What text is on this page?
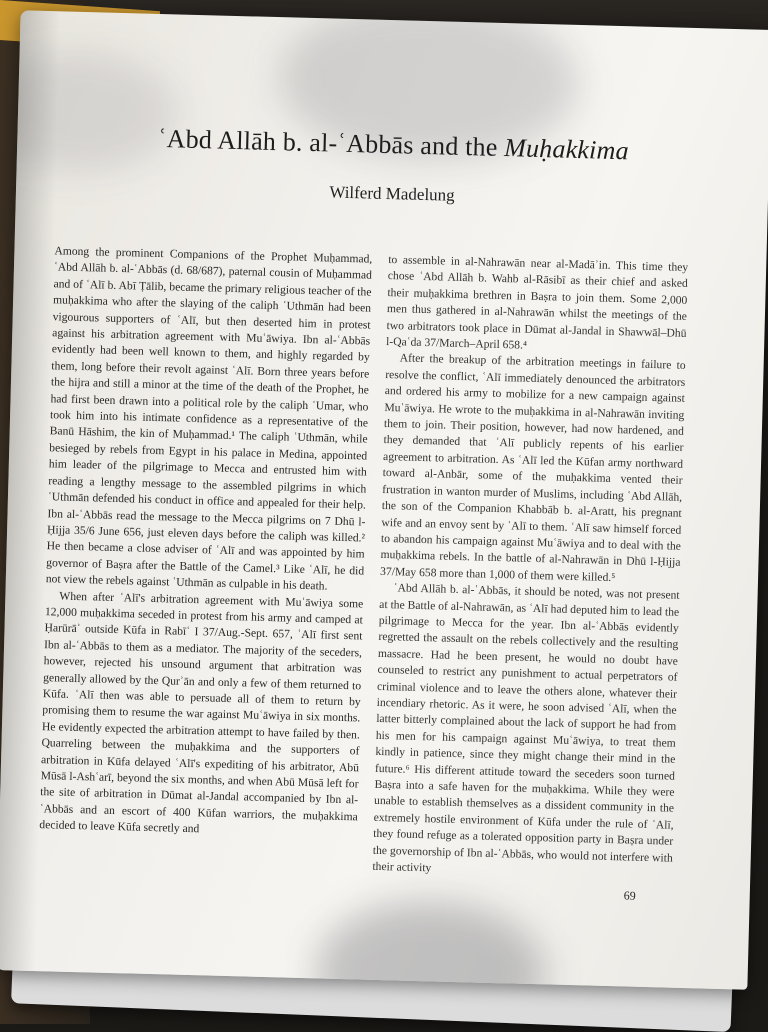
ʿAbd Allāh b. al-ʿAbbās and the Muḥakkima
Wilferd Madelung

Among the prominent Companions of the Prophet Muḥammad, ʿAbd Allāh b. al-ʿAbbās (d. 68/687), paternal cousin of Muḥammad and of ʿAlī b. Abī Ṭālib, became the primary religious teacher of the muḥakkima who after the slaying of the caliph ʿUthmān had been vigourous supporters of ʿAlī, but then deserted him in protest against his arbitration agreement with Muʿāwiya. Ibn al-ʿAbbās evidently had been well known to them, and highly regarded by them, long before their revolt against ʿAlī. Born three years before the hijra and still a minor at the time of the death of the Prophet, he had first been drawn into a political role by the caliph ʿUmar, who took him into his intimate confidence as a representative of the Banū Hāshim, the kin of Muḥammad.¹ The caliph ʿUthmān, while besieged by rebels from Egypt in his palace in Medina, appointed him leader of the pilgrimage to Mecca and entrusted him with reading a lengthy message to the assembled pilgrims in which ʿUthmān defended his conduct in office and appealed for their help. Ibn al-ʿAbbās read the message to the Mecca pilgrims on 7 Dhū l-Ḥijja 35/6 June 656, just eleven days before the caliph was killed.² He then became a close adviser of ʿAlī and was appointed by him governor of Baṣra after the Battle of the Camel.³ Like ʿAlī, he did not view the rebels against ʿUthmān as culpable in his death.

When after ʿAlī's arbitration agreement with Muʿāwiya some 12,000 muḥakkima seceded in protest from his army and camped at Ḥarūrāʾ outside Kūfa in Rabīʿ I 37/Aug.-Sept. 657, ʿAlī first sent Ibn al-ʿAbbās to them as a mediator. The majority of the seceders, however, rejected his unsound argument that arbitration was generally allowed by the Qurʾān and only a few of them returned to Kūfa. ʿAlī then was able to persuade all of them to return by promising them to resume the war against Muʿāwiya in six months. He evidently expected the arbitration attempt to have failed by then. Quarreling between the muḥakkima and the supporters of arbitration in Kūfa delayed ʿAlī's expediting of his arbitrator, Abū Mūsā l-Ashʿarī, beyond the six months, and when Abū Mūsā left for the site of arbitration in Dūmat al-Jandal accompanied by Ibn al-ʿAbbās and an escort of 400 Kūfan warriors, the muḥakkima decided to leave Kūfa secretly and

to assemble in al-Nahrawān near al-Madāʾin. This time they chose ʿAbd Allāh b. Wahb al-Rāsibī as their chief and asked their muḥakkima brethren in Baṣra to join them. Some 2,000 men thus gathered in al-Nahrawān whilst the meetings of the two arbitrators took place in Dūmat al-Jandal in Shawwāl–Dhū l-Qaʿda 37/March–April 658.⁴

After the breakup of the arbitration meetings in failure to resolve the conflict, ʿAlī immediately denounced the arbitrators and ordered his army to mobilize for a new campaign against Muʿāwiya. He wrote to the muḥakkima in al-Nahrawān inviting them to join. Their position, however, had now hardened, and they demanded that ʿAlī publicly repents of his earlier agreement to arbitration. As ʿAlī led the Kūfan army northward toward al-Anbār, some of the muḥakkima vented their frustration in wanton murder of Muslims, including ʿAbd Allāh, the son of the Companion Khabbāb b. al-Aratt, his pregnant wife and an envoy sent by ʿAlī to them. ʿAlī saw himself forced to abandon his campaign against Muʿāwiya and to deal with the muḥakkima rebels. In the battle of al-Nahrawān in Dhū l-Ḥijja 37/May 658 more than 1,000 of them were killed.⁵

ʿAbd Allāh b. al-ʿAbbās, it should be noted, was not present at the Battle of al-Nahrawān, as ʿAlī had deputed him to lead the pilgrimage to Mecca for the year. Ibn al-ʿAbbās evidently regretted the assault on the rebels collectively and the resulting massacre. Had he been present, he would no doubt have counseled to restrict any punishment to actual perpetrators of criminal violence and to leave the others alone, whatever their incendiary rhetoric. As it were, he soon advised ʿAlī, when the latter bitterly complained about the lack of support he had from his men for his campaign against Muʿāwiya, to treat them kindly in patience, since they might change their mind in the future.⁶ His different attitude toward the seceders soon turned Baṣra into a safe haven for the muḥakkima. While they were unable to establish themselves as a dissident community in the extremely hostile environment of Kūfa under the rule of ʿAlī, they found refuge as a tolerated opposition party in Baṣra under the governorship of Ibn al-ʿAbbās, who would not interfere with their activity

69
